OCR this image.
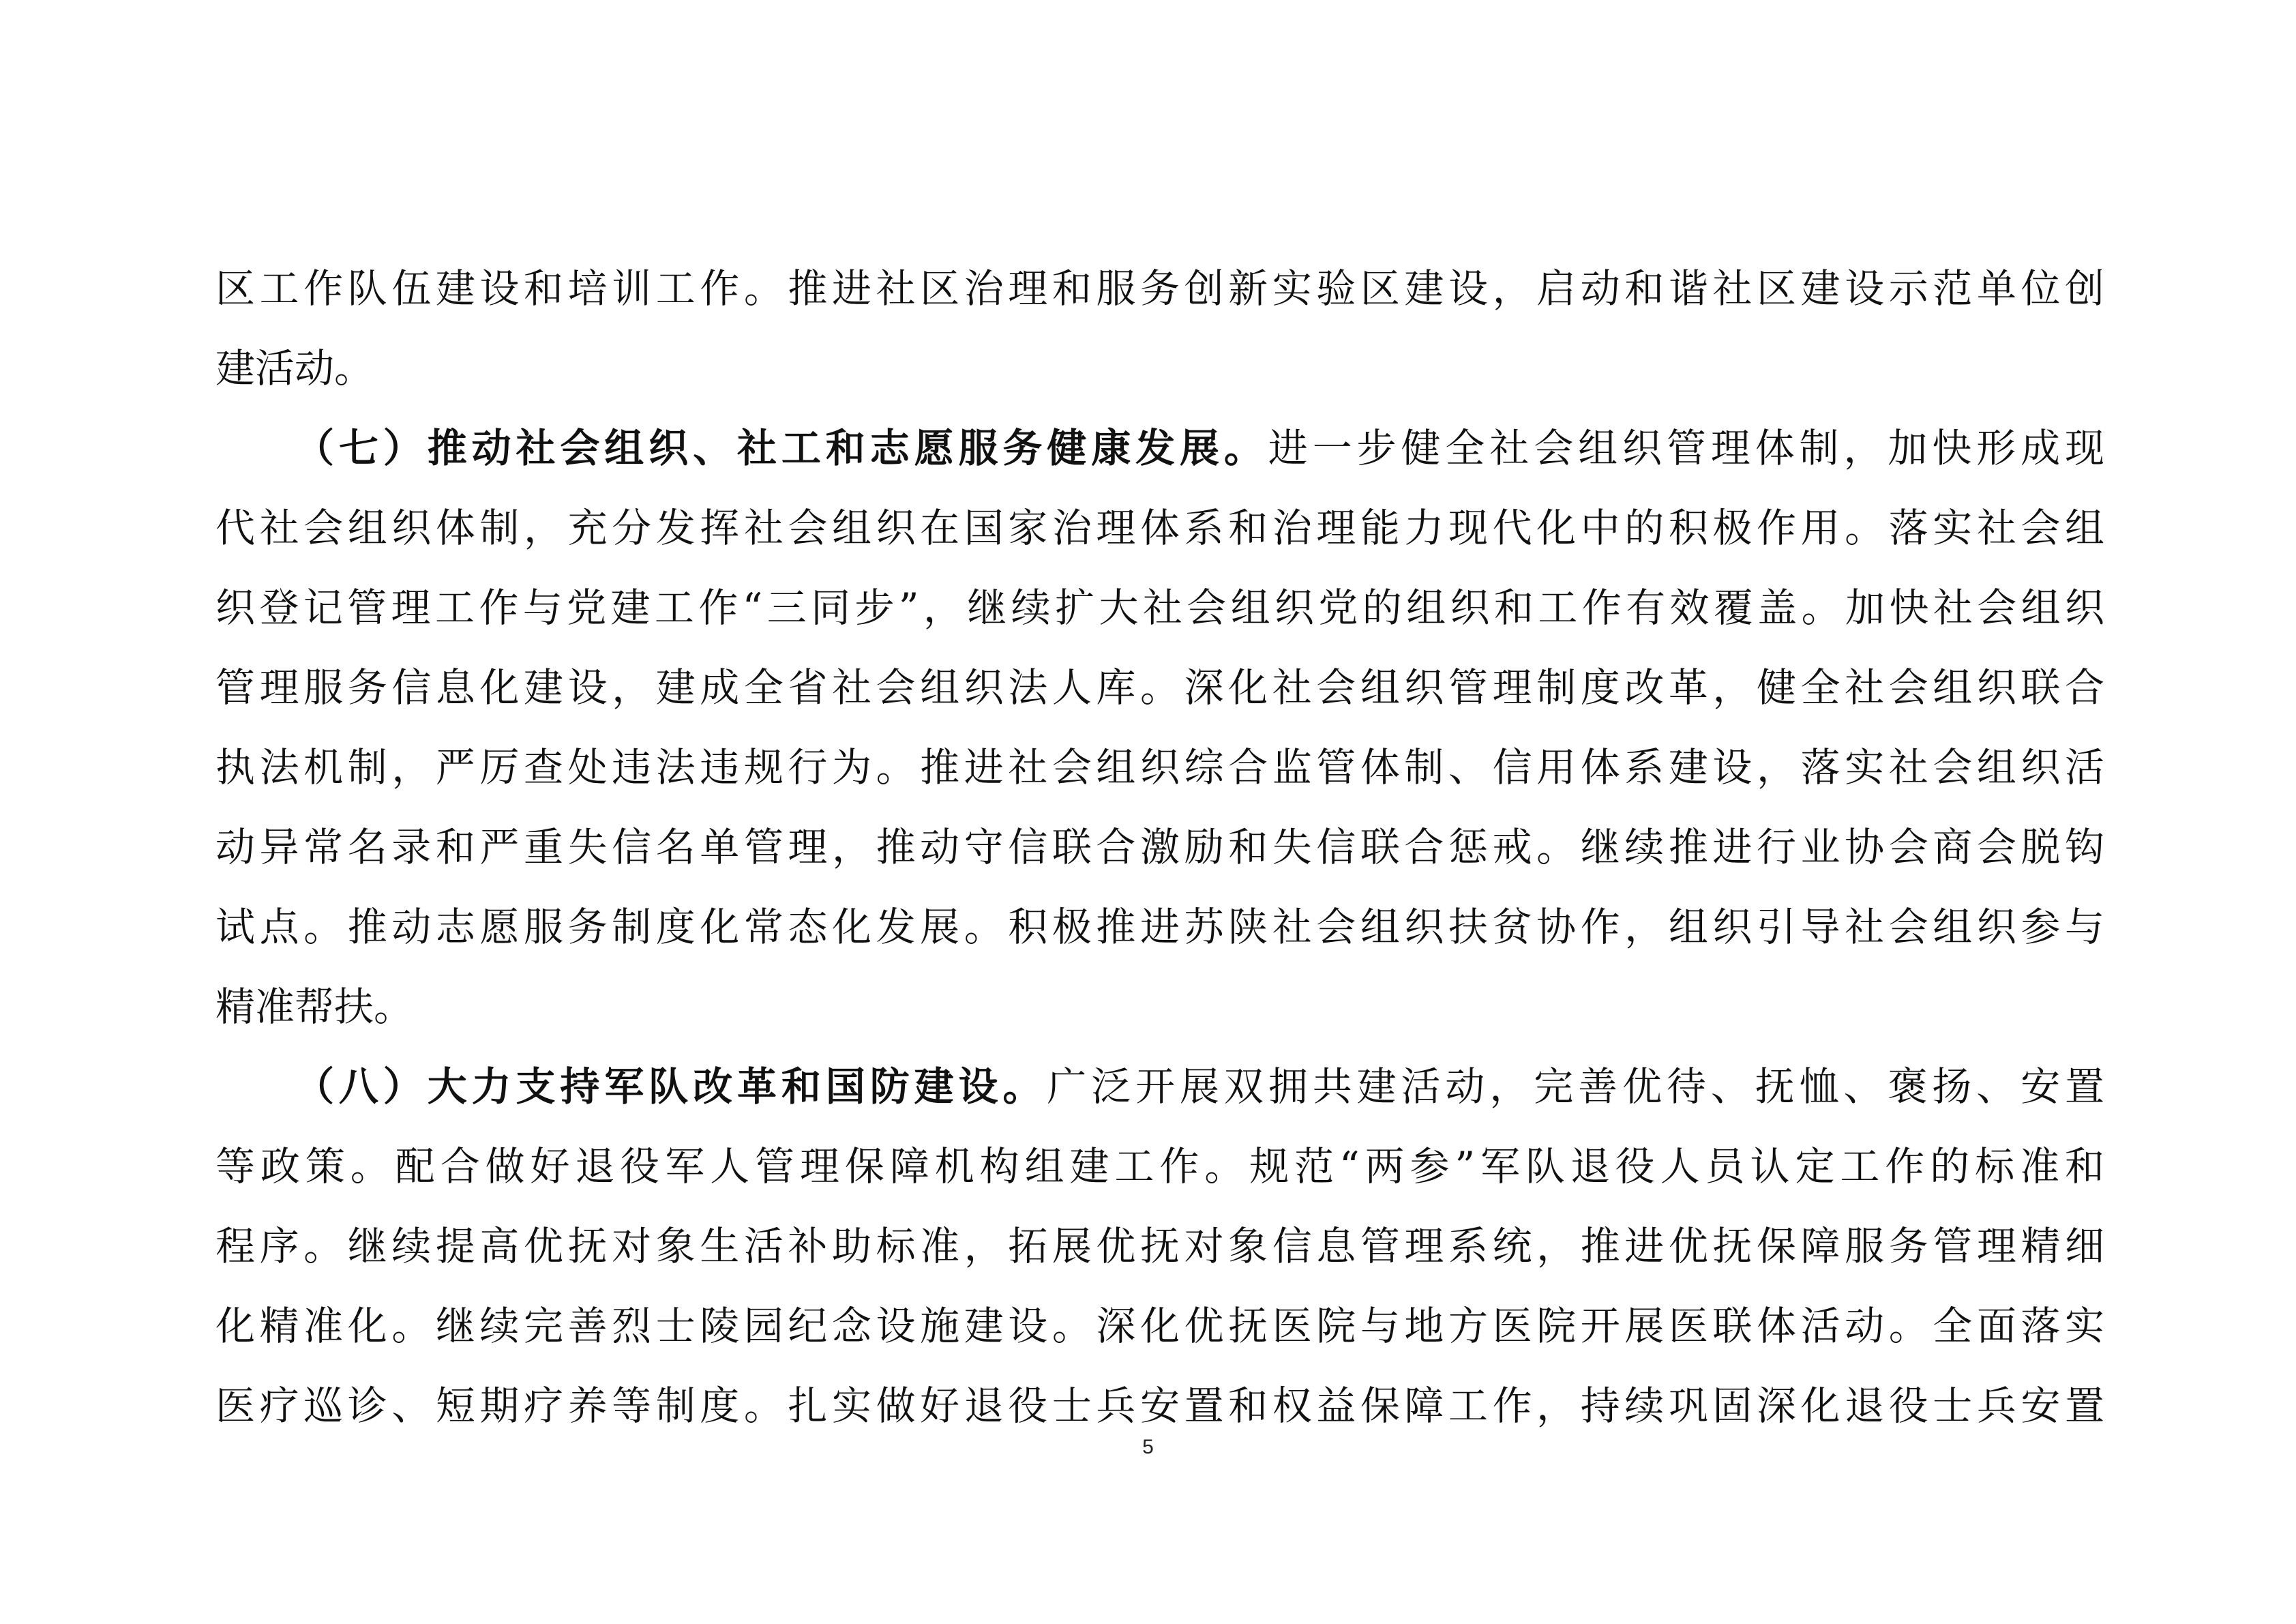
区工作队伍建设和培训工作。推进社区治理和服务创新实验区建设，启动和谐社区建设示范单位创
建活动。
（七）推动社会组织、社工和志愿服务健康发展。进一步健全社会组织管理体制，加快形成现
代社会组织体制，充分发挥社会组织在国家治理体系和治理能力现代化中的积极作用。落实社会组
织登记管理工作与党建工作“三同步”，继续扩大社会组织党的组织和工作有效覆盖。加快社会组织
管理服务信息化建设，建成全省社会组织法人库。深化社会组织管理制度改革，健全社会组织联合
执法机制，严厉查处违法违规行为。推进社会组织综合监管体制、信用体系建设，落实社会组织活
动异常名录和严重失信名单管理，推动守信联合激励和失信联合惩戒。继续推进行业协会商会脱钩
试点。推动志愿服务制度化常态化发展。积极推进苏陕社会组织扶贫协作，组织引导社会组织参与
精准帮扶。
（八）大力支持军队改革和国防建设。广泛开展双拥共建活动，完善优待、抚恤、褒扬、安置
等政策。配合做好退役军人管理保障机构组建工作。规范“两参”军队退役人员认定工作的标准和
程序。继续提高优抚对象生活补助标准，拓展优抚对象信息管理系统，推进优抚保障服务管理精细
化精准化。继续完善烈士陵园纪念设施建设。深化优抚医院与地方医院开展医联体活动。全面落实
医疗巡诊、短期疗养等制度。扎实做好退役士兵安置和权益保障工作，持续巩固深化退役士兵安置
5
